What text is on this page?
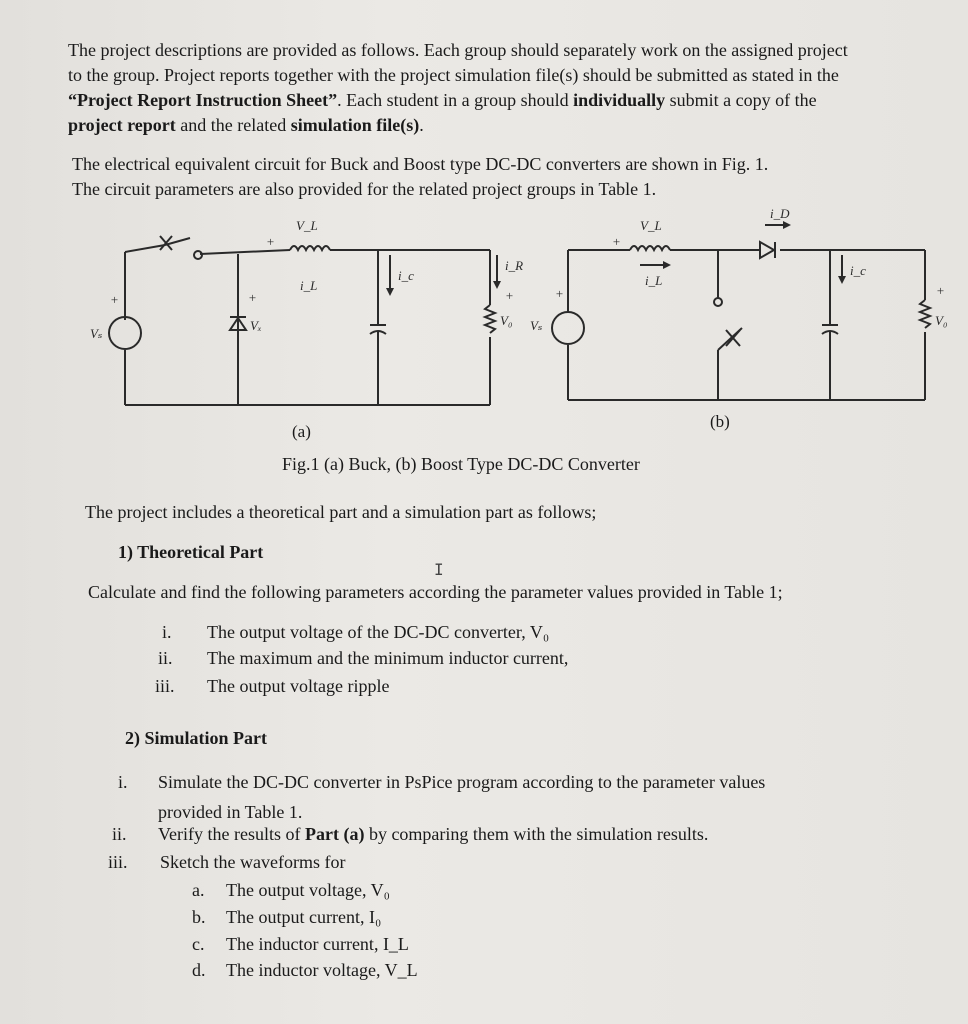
The project descriptions are provided as follows. Each group should separately work on the assigned project
to the group. Project reports together with the project simulation file(s) should be submitted as stated in the
“Project Report Instruction Sheet”. Each student in a group should individually submit a copy of the
project report and the related simulation file(s).
The electrical equivalent circuit for Buck and Boost type DC-DC converters are shown in Fig. 1.
The circuit parameters are also provided for the related project groups in Table 1.
Vₛ
+
Vₓ
+
V_L
+
i_L
i_c
i_R
V₀
+
Vₛ
+
V_L
+
i_L
i_D
i_c
V₀
+
(a)
(b)
Fig.1 (a) Buck, (b) Boost Type DC-DC Converter
The project includes a theoretical part and a simulation part as follows;
1) Theoretical Part
I
Calculate and find the following parameters according the parameter values provided in Table 1;
i. The output voltage of the DC-DC converter, V₀
ii. The maximum and the minimum inductor current,
iii. The output voltage ripple
2) Simulation Part
i. Simulate the DC-DC converter in PsPice program according to the parameter values
provided in Table 1.
ii. Verify the results of Part (a) by comparing them with the simulation results.
iii. Sketch the waveforms for
a. The output voltage, V₀
b. The output current, I₀
c. The inductor current, I_L
d. The inductor voltage, V_L
